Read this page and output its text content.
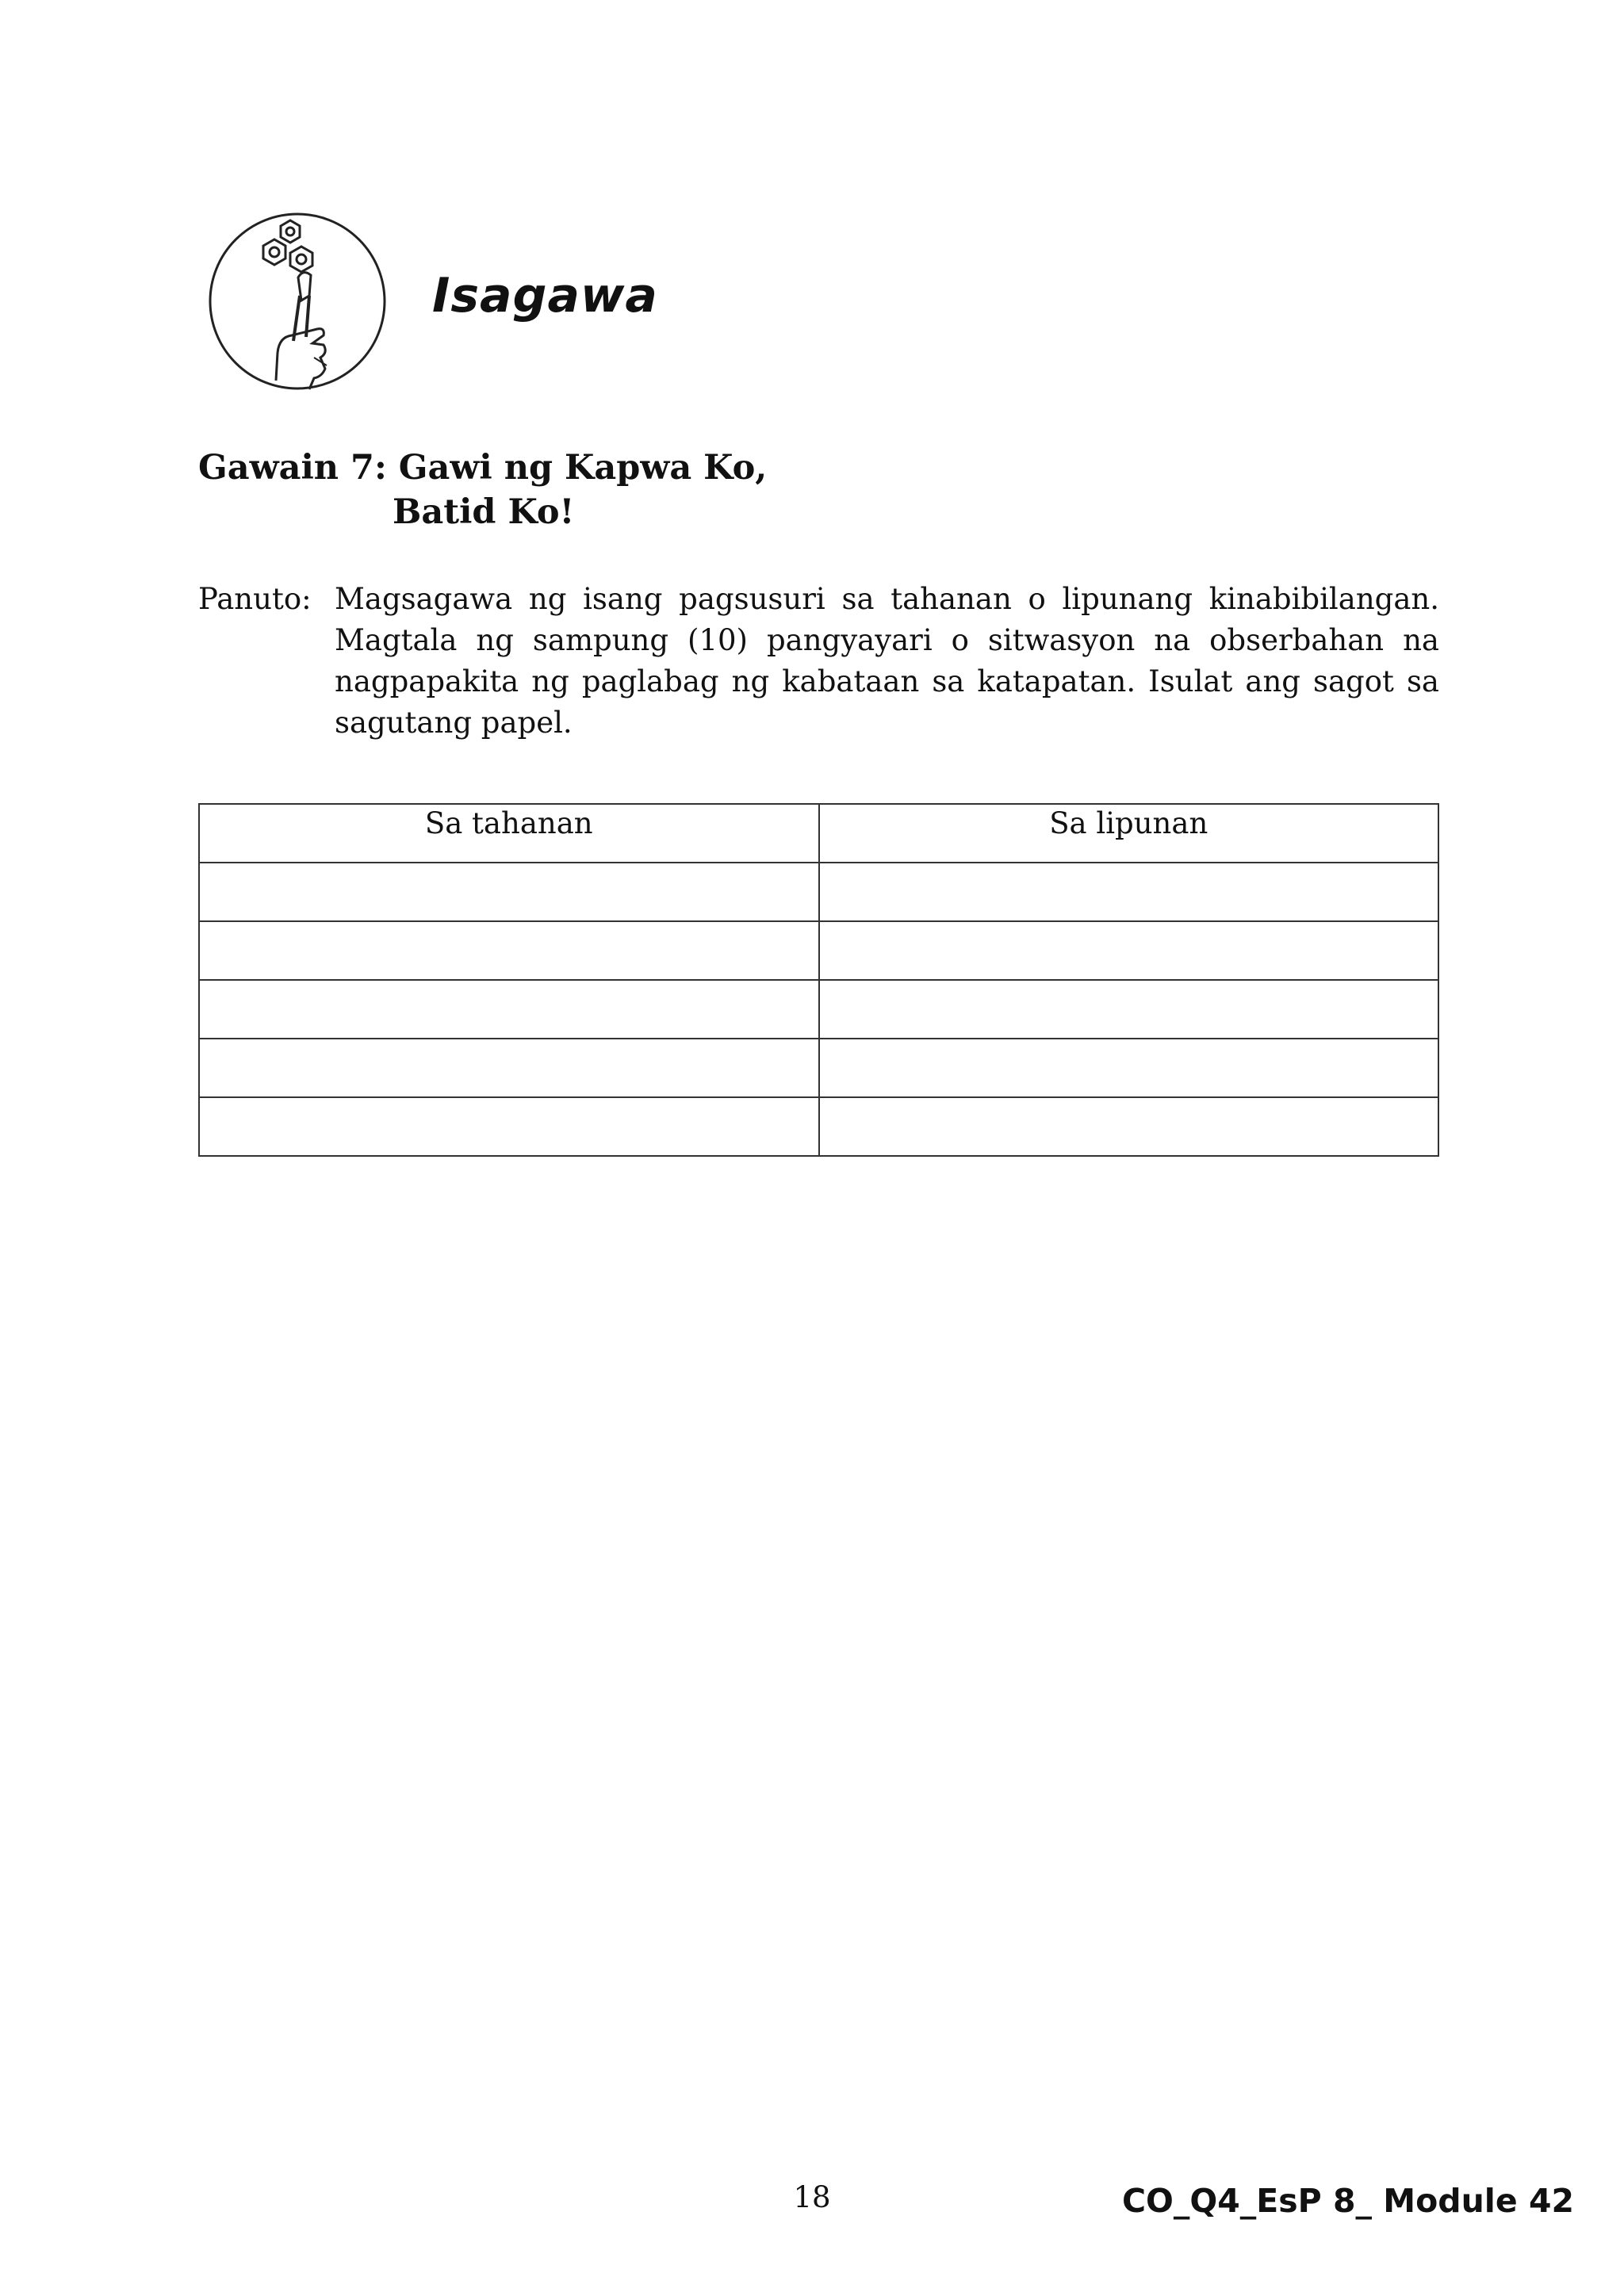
Isagawa
Gawain 7: Gawi ng Kapwa Ko,
Batid Ko!
Panuto: Magsagawa ng isang pagsusuri sa tahanan o lipunang kinabibilangan. Magtala ng sampung (10) pangyayari o sitwasyon na obserbahan na nagpapakita ng paglabag ng kabataan sa katapatan. Isulat ang sagot sa sagutang papel.
Sa tahanan	Sa lipunan

18	CO_Q4_EsP 8_ Module 42
